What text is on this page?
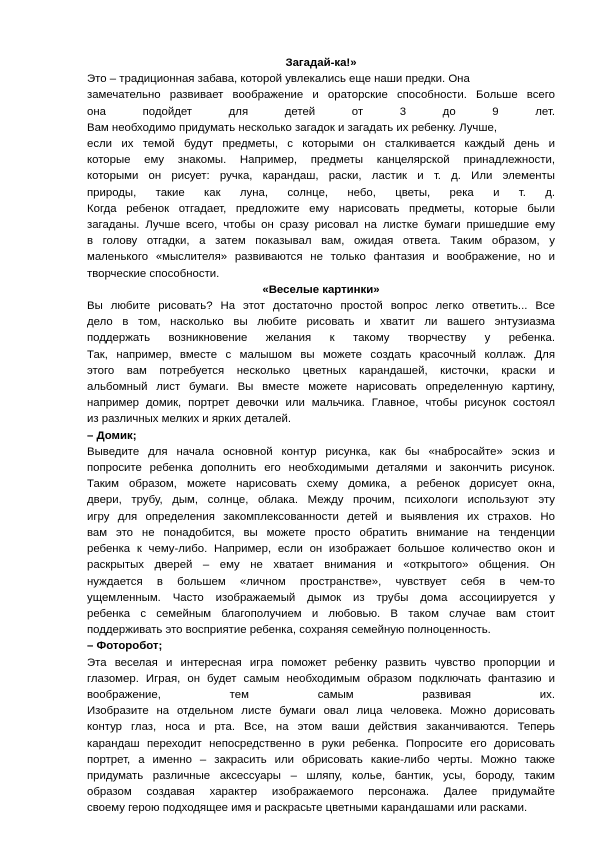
Загадай-ка!»

Это – традиционная забава, которой увлекались еще наши предки. Она
замечательно развивает воображение и ораторские способности. Больше всего
она подойдет для детей от 3 до 9 лет.
Вам необходимо придумать несколько загадок и загадать их ребенку. Лучше,
если их темой будут предметы, с которыми он сталкивается каждый день и
которые ему знакомы. Например, предметы канцелярской принадлежности,
которыми он рисует: ручка, карандаш, раски, ластик и т. д. Или элементы
природы, такие как луна, солнце, небо, цветы, река и т. д.
Когда ребенок отгадает, предложите ему нарисовать предметы, которые были
загаданы. Лучше всего, чтобы он сразу рисовал на листке бумаги пришедшие ему
в голову отгадки, а затем показывал вам, ожидая ответа. Таким образом, у
маленького «мыслителя» развиваются не только фантазия и воображение, но и
творческие способности.

«Веселые картинки»

Вы любите рисовать? На этот достаточно простой вопрос легко ответить... Все
дело в том, насколько вы любите рисовать и хватит ли вашего энтузиазма
поддержать возникновение желания к такому творчеству у ребенка.
Так, например, вместе с малышом вы можете создать красочный коллаж. Для
этого вам потребуется несколько цветных карандашей, кисточки, краски и
альбомный лист бумаги. Вы вместе можете нарисовать определенную картину,
например домик, портрет девочки или мальчика. Главное, чтобы рисунок состоял
из различных мелких и ярких деталей.

– Домик;

Выведите для начала основной контур рисунка, как бы «набросайте» эскиз и
попросите ребенка дополнить его необходимыми деталями и закончить рисунок.
Таким образом, можете нарисовать схему домика, а ребенок дорисует окна,
двери, трубу, дым, солнце, облака. Между прочим, психологи используют эту
игру для определения закомплексованности детей и выявления их страхов. Но
вам это не понадобится, вы можете просто обратить внимание на тенденции
ребенка к чему-либо. Например, если он изображает большое количество окон и
раскрытых дверей – ему не хватает внимания и «открытого» общения. Он
нуждается в большем «личном пространстве», чувствует себя в чем-то
ущемленным. Часто изображаемый дымок из трубы дома ассоциируется у
ребенка с семейным благополучием и любовью. В таком случае вам стоит
поддерживать это восприятие ребенка, сохраняя семейную полноценность.

– Фоторобот;

Эта веселая и интересная игра поможет ребенку развить чувство пропорции и
глазомер. Играя, он будет самым необходимым образом подключать фантазию и
воображение, тем самым развивая их.
Изобразите на отдельном листе бумаги овал лица человека. Можно дорисовать
контур глаз, носа и рта. Все, на этом ваши действия заканчиваются. Теперь
карандаш переходит непосредственно в руки ребенка. Попросите его дорисовать
портрет, а именно – закрасить или обрисовать какие-либо черты. Можно также
придумать различные аксессуары – шляпу, колье, бантик, усы, бороду, таким
образом создавая характер изображаемого персонажа. Далее придумайте
своему герою подходящее имя и раскрасьте цветными карандашами или расками.
